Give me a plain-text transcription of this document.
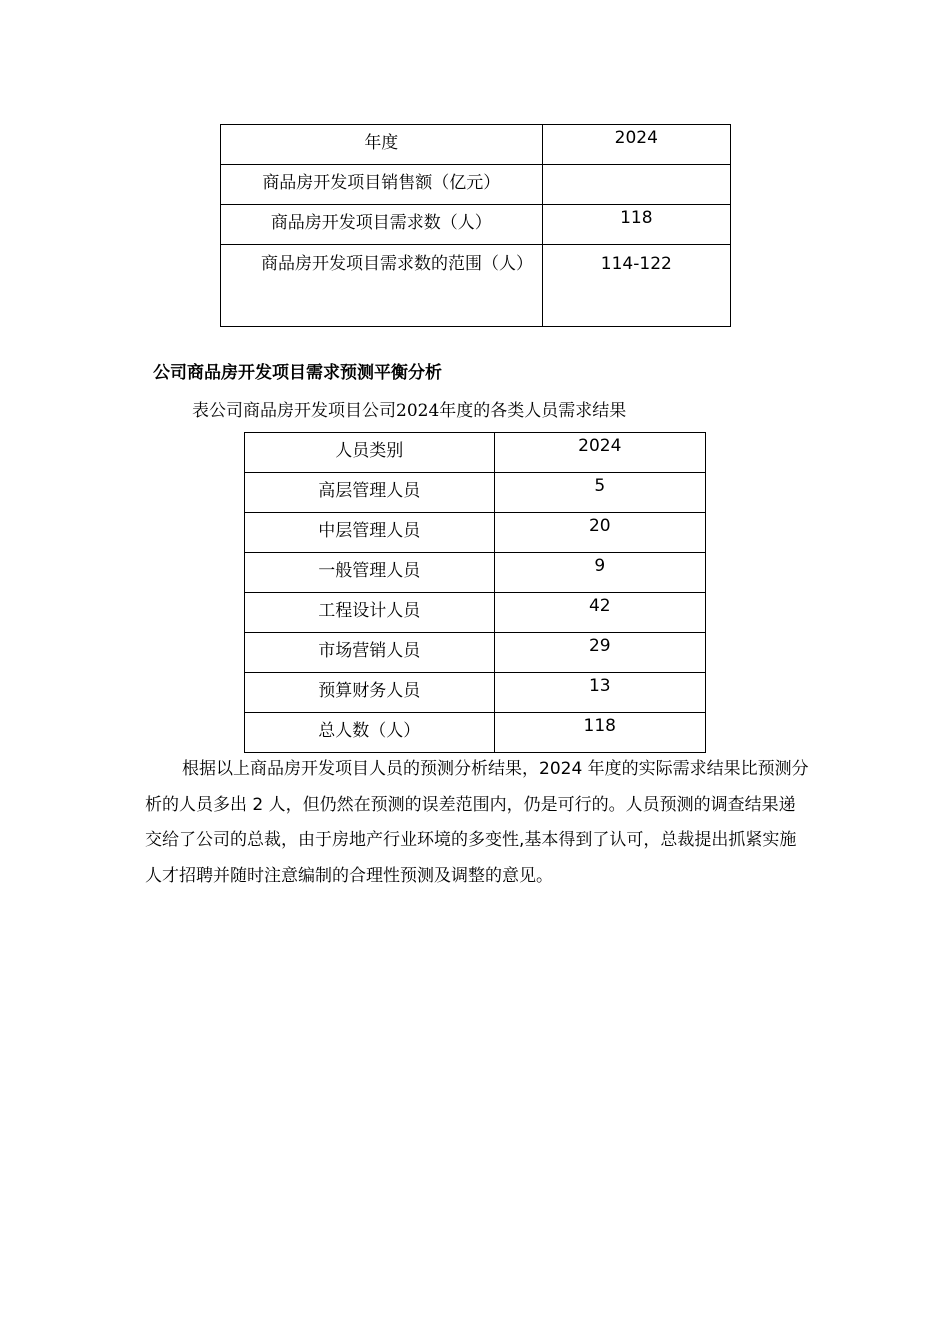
年度	2024
商品房开发项目销售额（亿元）	
商品房开发项目需求数（人）	118
商品房开发项目需求数的范围（人）	114-122
公司商品房开发项目需求预测平衡分析
表公司商品房开发项目公司2024年度的各类人员需求结果
人员类别	2024
高层管理人员	5
中层管理人员	20
一般管理人员	9
工程设计人员	42
市场营销人员	29
预算财务人员	13
总人数（人）	118

根据以上商品房开发项目人员的预测分析结果，2024 年度的实际需求结果比预测分析的人员多出 2 人，但仍然在预测的误差范围内，仍是可行的。人员预测的调查结果递交给了公司的总裁，由于房地产行业环境的多变性,基本得到了认可，总裁提出抓紧实施人才招聘并随时注意编制的合理性预测及调整的意见。
